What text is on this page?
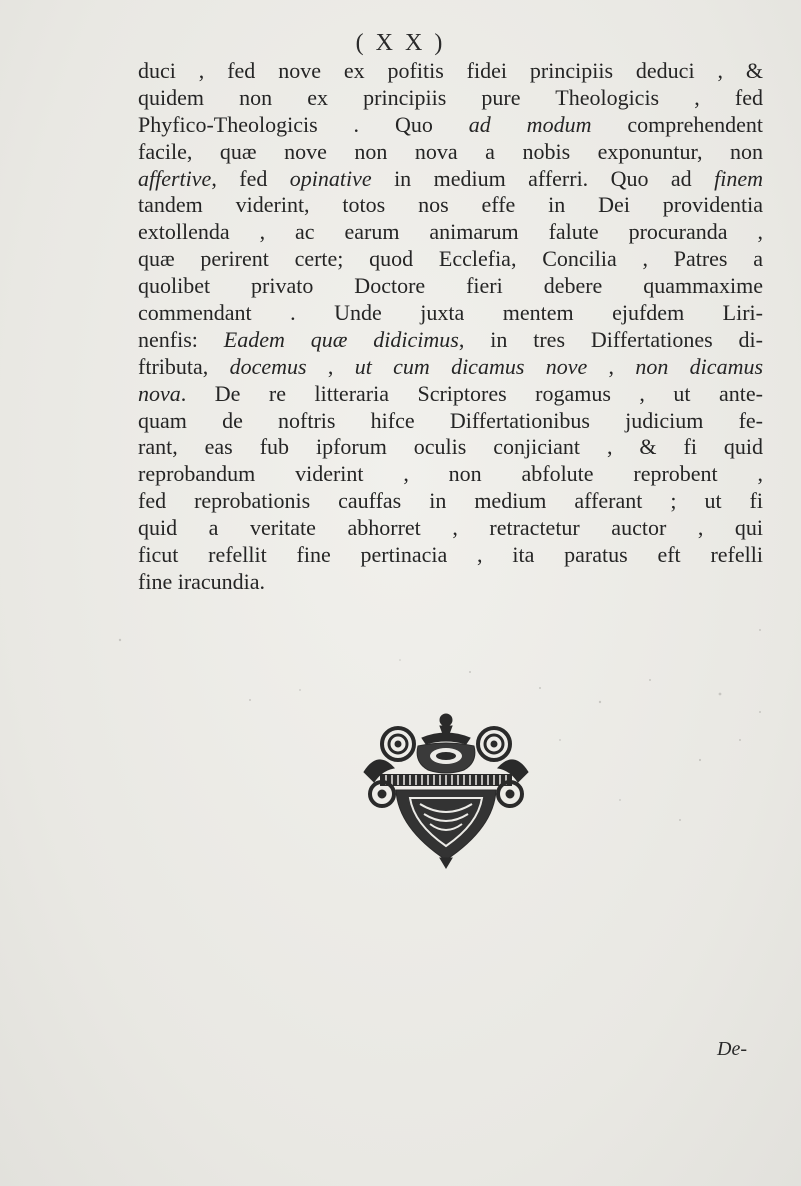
( X X )
duci , fed nove ex pofitis fidei principiis deduci , &
quidem non ex principiis pure Theologicis , fed
Phyfico-Theologicis . Quo ad modum comprehendent
facile, quæ nove non nova a nobis exponuntur, non
affertive, fed opinative in medium afferri. Quo ad finem
tandem viderint, totos nos effe in Dei providentia
extollenda , ac earum animarum falute procuranda ,
quæ perirent certe; quod Ecclefia, Concilia , Patres a
quolibet privato Doctore fieri debere quammaxime
commendant . Unde juxta mentem ejufdem Liri-
nenfis: Eadem quæ didicimus, in tres Differtationes di-
ftributa, docemus , ut cum dicamus nove , non dicamus
nova. De re litteraria Scriptores rogamus , ut ante-
quam de noftris hifce Differtationibus judicium fe-
rant, eas fub ipforum oculis conjiciant , & fi quid
reprobandum viderint , non abfolute reprobent ,
fed reprobationis cauffas in medium afferant ; ut fi
quid a veritate abhorret , retractetur auctor , qui
ficut refellit fine pertinacia , ita paratus eft refelli
fine iracundia.
De-
